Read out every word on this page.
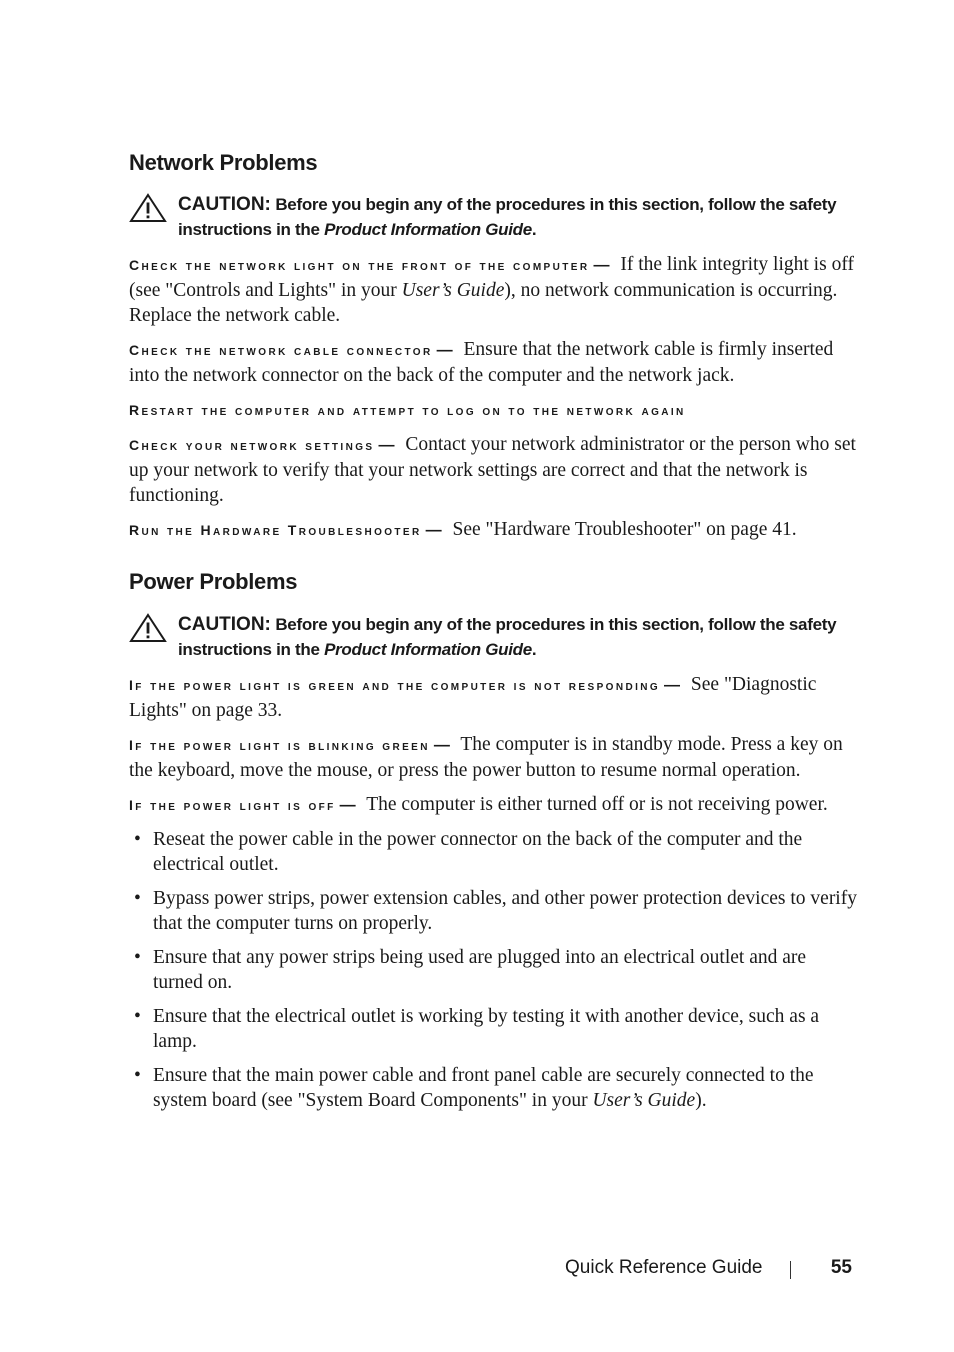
Network Problems
CAUTION: Before you begin any of the procedures in this section, follow the safety instructions in the Product Information Guide.

Check the network light on the front of the computer — If the link integrity light is off (see "Controls and Lights" in your User’s Guide), no network communication is occurring. Replace the network cable.

Check the network cable connector — Ensure that the network cable is firmly inserted into the network connector on the back of the computer and the network jack.

Restart the computer and attempt to log on to the network again

Check your network settings — Contact your network administrator or the person who set up your network to verify that your network settings are correct and that the network is functioning.

Run the Hardware Troubleshooter — See "Hardware Troubleshooter" on page 41.

Power Problems
CAUTION: Before you begin any of the procedures in this section, follow the safety instructions in the Product Information Guide.

If the power light is green and the computer is not responding — See "Diagnostic Lights" on page 33.

If the power light is blinking green — The computer is in standby mode. Press a key on the keyboard, move the mouse, or press the power button to resume normal operation.

If the power light is off — The computer is either turned off or is not receiving power.

• Reseat the power cable in the power connector on the back of the computer and the electrical outlet.
• Bypass power strips, power extension cables, and other power protection devices to verify that the computer turns on properly.
• Ensure that any power strips being used are plugged into an electrical outlet and are turned on.
• Ensure that the electrical outlet is working by testing it with another device, such as a lamp.
• Ensure that the main power cable and front panel cable are securely connected to the system board (see "System Board Components" in your User’s Guide).
Quick Reference Guide	55
